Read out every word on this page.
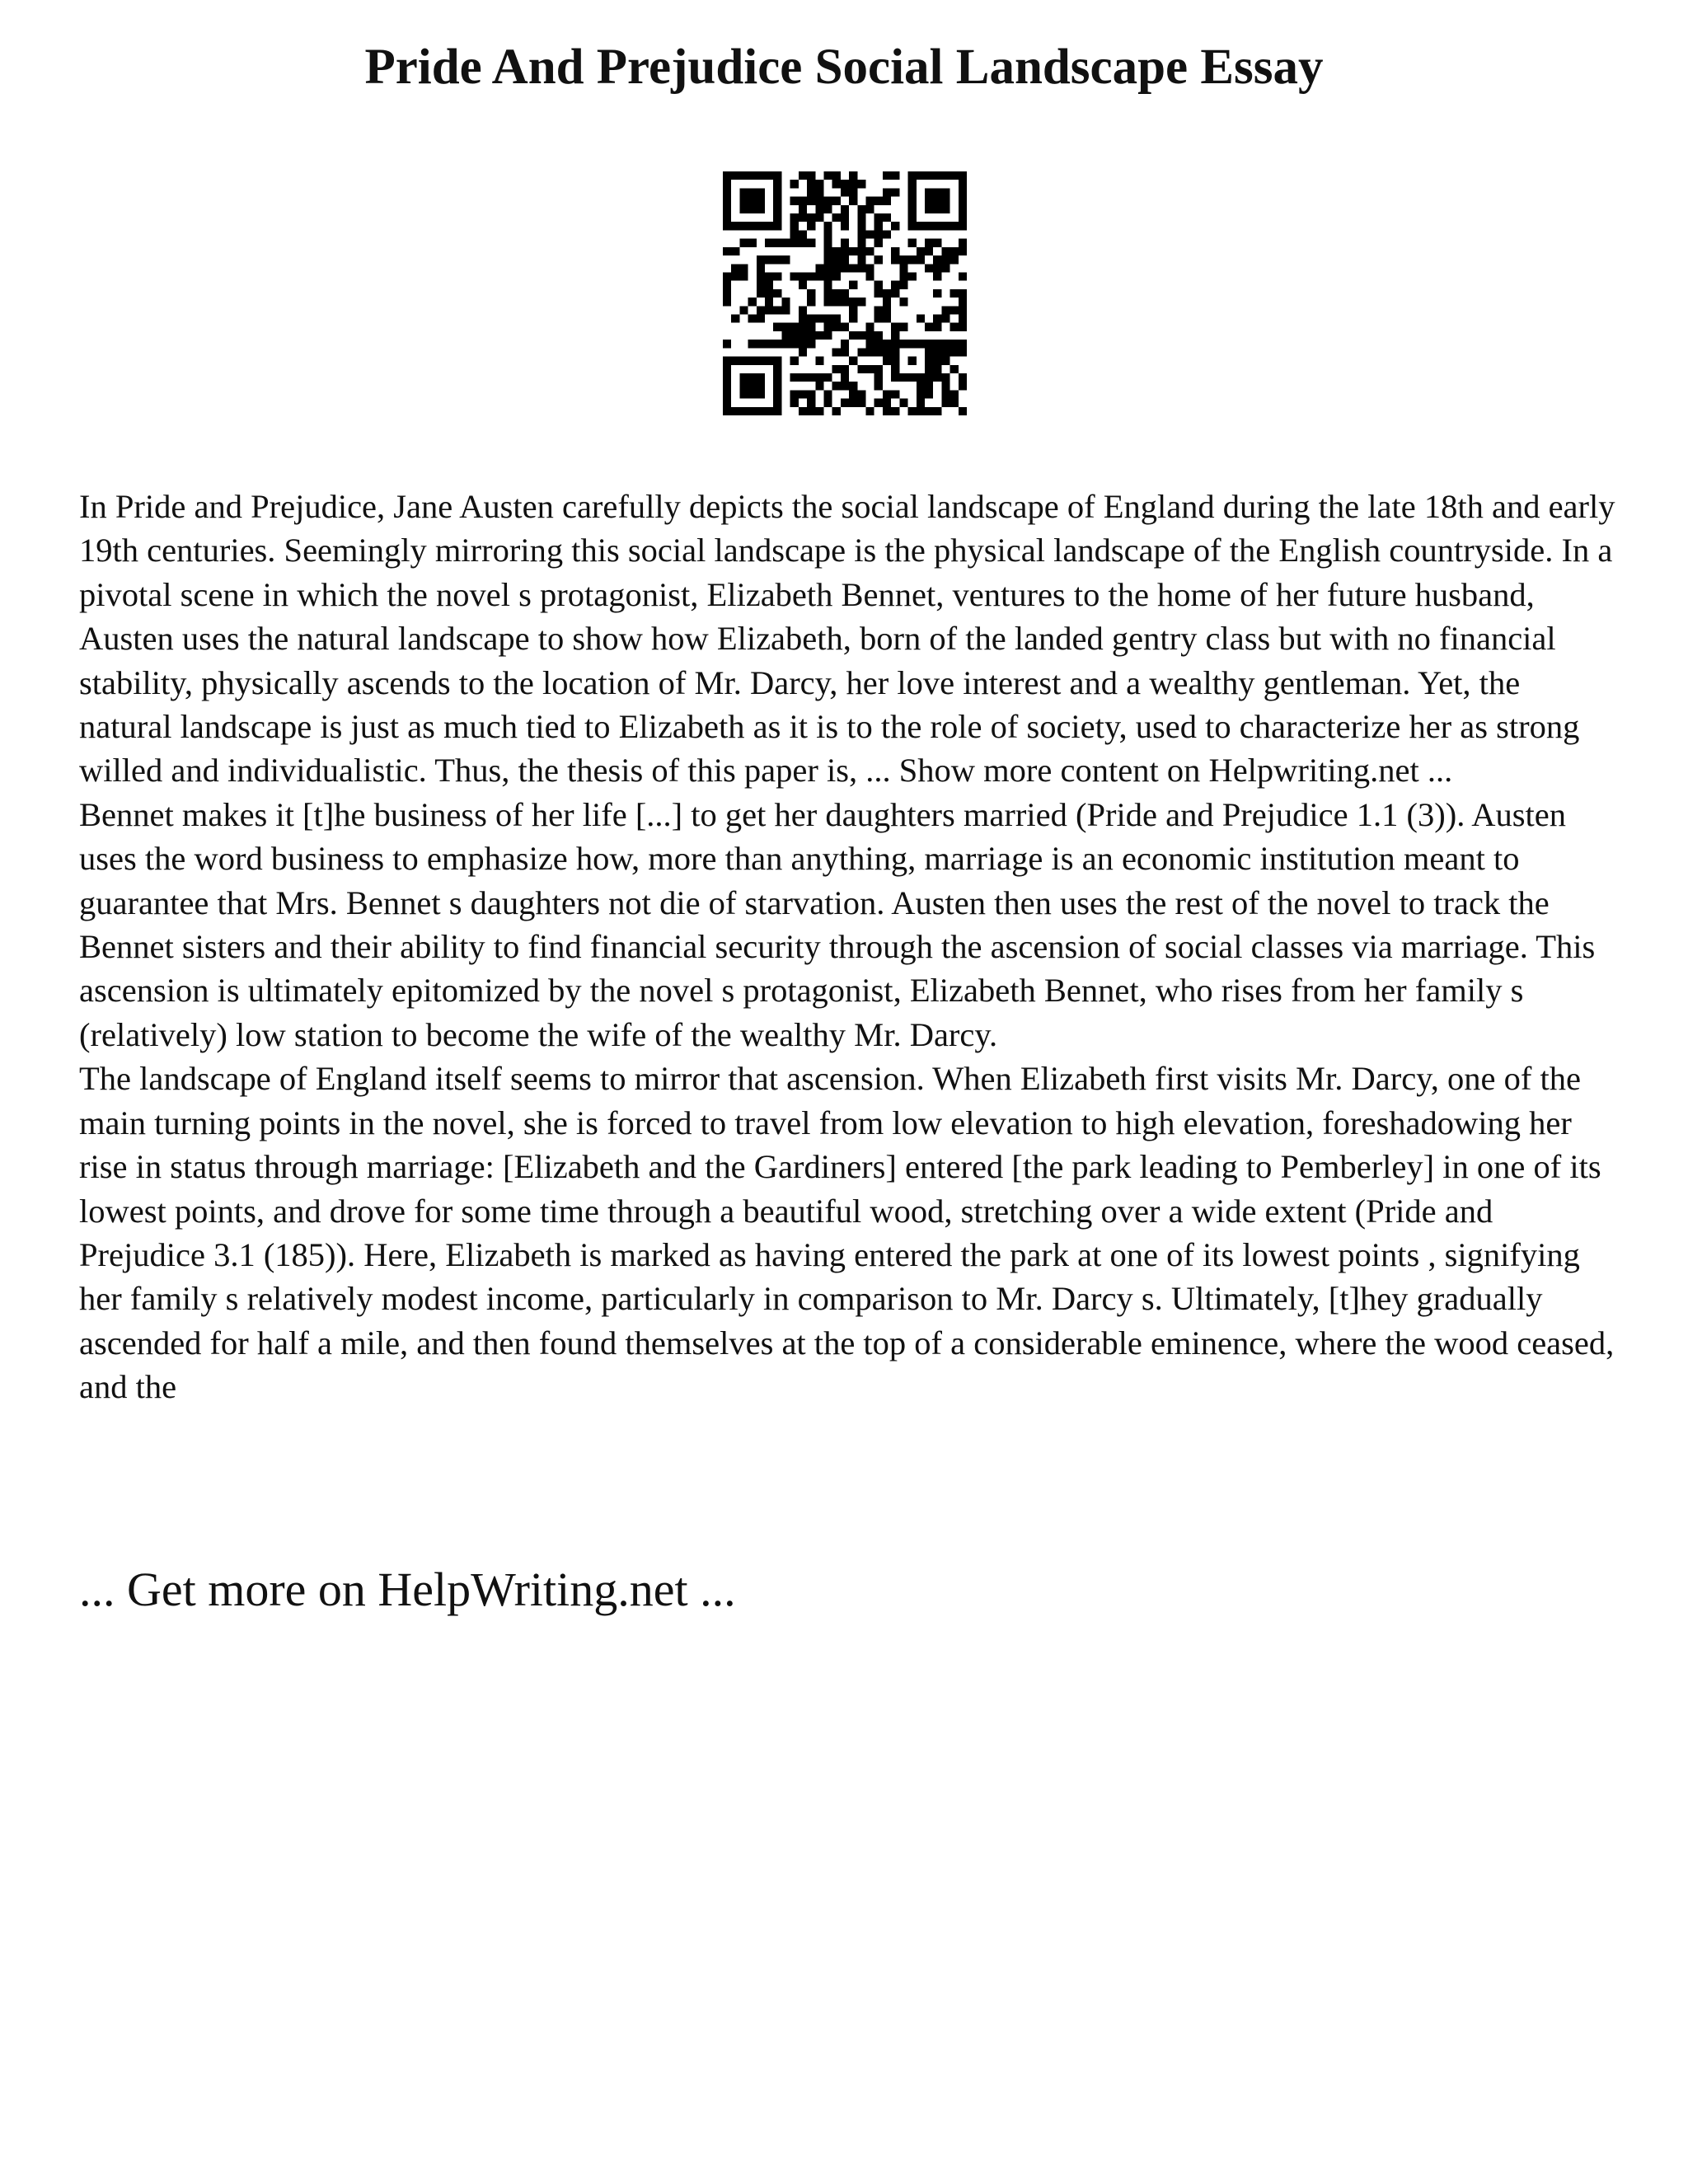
Pride And Prejudice Social Landscape Essay

In Pride and Prejudice, Jane Austen carefully depicts the social landscape of England during the late 18th and early 19th centuries. Seemingly mirroring this social landscape is the physical landscape of the English countryside. In a pivotal scene in which the novel s protagonist, Elizabeth Bennet, ventures to the home of her future husband, Austen uses the natural landscape to show how Elizabeth, born of the landed gentry class but with no financial stability, physically ascends to the location of Mr. Darcy, her love interest and a wealthy gentleman. Yet, the natural landscape is just as much tied to Elizabeth as it is to the role of society, used to characterize her as strong willed and individualistic. Thus, the thesis of this paper is, ... Show more content on Helpwriting.net ...

Bennet makes it [t]he business of her life [...] to get her daughters married (Pride and Prejudice 1.1 (3)). Austen uses the word business to emphasize how, more than anything, marriage is an economic institution meant to guarantee that Mrs. Bennet s daughters not die of starvation. Austen then uses the rest of the novel to track the Bennet sisters and their ability to find financial security through the ascension of social classes via marriage. This ascension is ultimately epitomized by the novel s protagonist, Elizabeth Bennet, who rises from her family s (relatively) low station to become the wife of the wealthy Mr. Darcy.

The landscape of England itself seems to mirror that ascension. When Elizabeth first visits Mr. Darcy, one of the main turning points in the novel, she is forced to travel from low elevation to high elevation, foreshadowing her rise in status through marriage: [Elizabeth and the Gardiners] entered [the park leading to Pemberley] in one of its lowest points, and drove for some time through a beautiful wood, stretching over a wide extent (Pride and Prejudice 3.1 (185)). Here, Elizabeth is marked as having entered the park at one of its lowest points , signifying her family s relatively modest income, particularly in comparison to Mr. Darcy s. Ultimately, [t]hey gradually ascended for half a mile, and then found themselves at the top of a considerable eminence, where the wood ceased, and the

... Get more on HelpWriting.net ...
